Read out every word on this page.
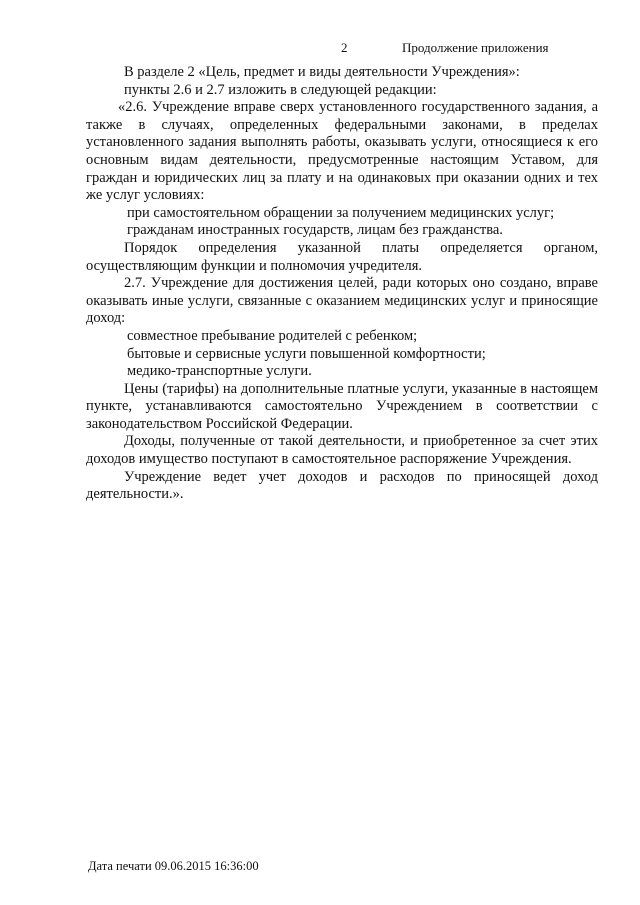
2	Продолжение приложения

В разделе 2 «Цель, предмет и виды деятельности Учреждения»:

пункты 2.6 и 2.7 изложить в следующей редакции:

«2.6. Учреждение вправе сверх установленного государственного задания, а также в случаях, определенных федеральными законами, в пределах установленного задания выполнять работы, оказывать услуги, относящиеся к его основным видам деятельности, предусмотренные настоящим Уставом, для граждан и юридических лиц за плату и на одинаковых при оказании одних и тех же услуг условиях:

при самостоятельном обращении за получением медицинских услуг;

гражданам иностранных государств, лицам без гражданства.

Порядок определения указанной платы определяется органом, осуществляющим функции и полномочия учредителя.

2.7. Учреждение для достижения целей, ради которых оно создано, вправе оказывать иные услуги, связанные с оказанием медицинских услуг и приносящие доход:

совместное пребывание родителей с ребенком;

бытовые и сервисные услуги повышенной комфортности;

медико-транспортные услуги.

Цены (тарифы) на дополнительные платные услуги, указанные в настоящем пункте, устанавливаются самостоятельно Учреждением в соответствии с законодательством Российской Федерации.

Доходы, полученные от такой деятельности, и приобретенное за счет этих доходов имущество поступают в самостоятельное распоряжение Учреждения.

Учреждение ведет учет доходов и расходов по приносящей доход деятельности.».

Дата печати 09.06.2015 16:36:00
